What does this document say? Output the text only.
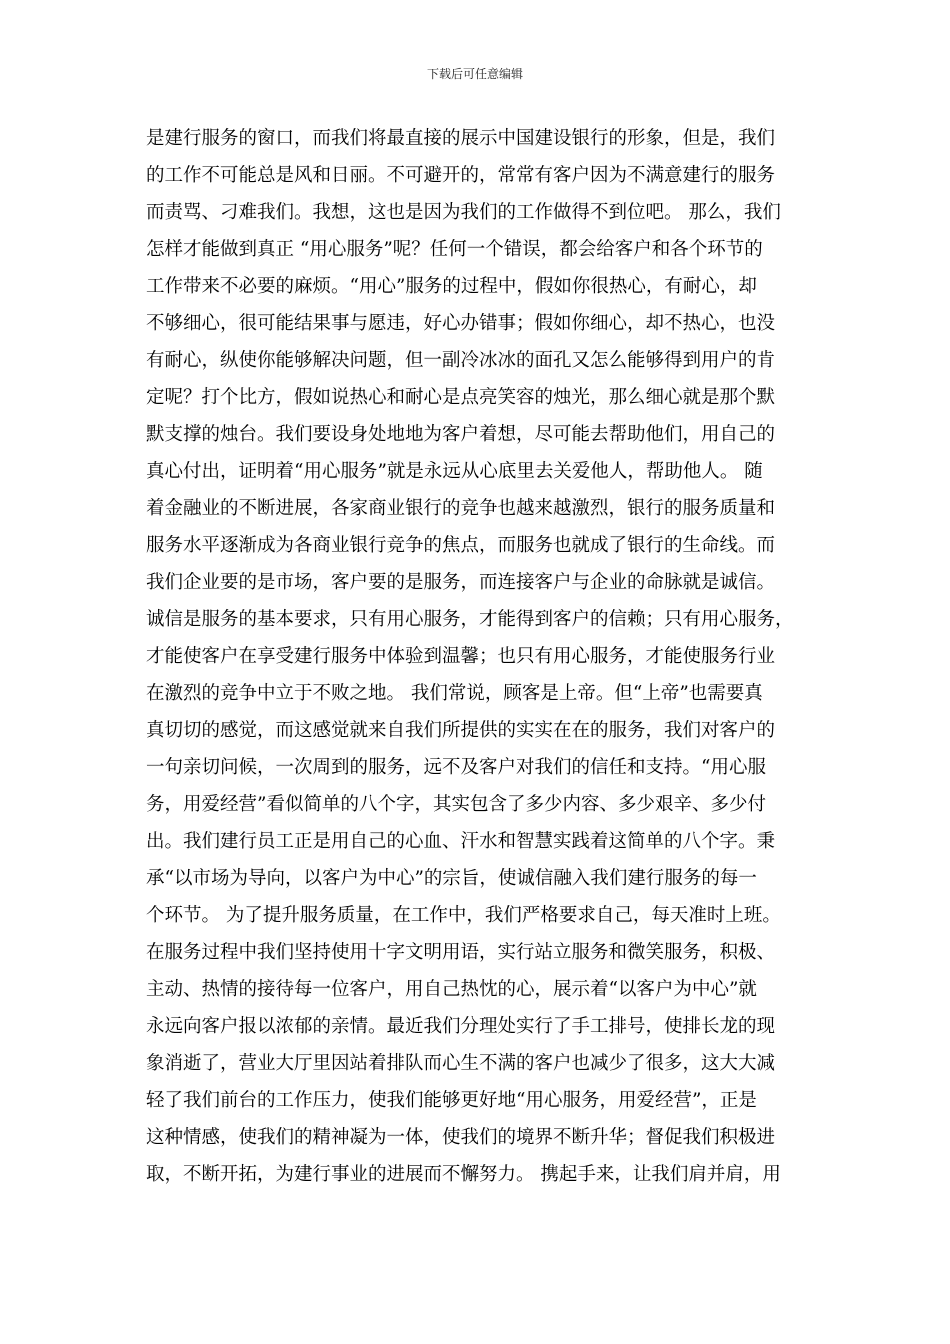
下载后可任意编辑
是建行服务的窗口，而我们将最直接的展示中国建设银行的形象，但是，我们
的工作不可能总是风和日丽。不可避开的，常常有客户因为不满意建行的服务
而责骂、刁难我们。我想，这也是因为我们的工作做得不到位吧。 那么，我们
怎样才能做到真正 “用心服务”呢？任何一个错误，都会给客户和各个环节的
工作带来不必要的麻烦。“用心”服务的过程中，假如你很热心，有耐心，却
不够细心，很可能结果事与愿违，好心办错事；假如你细心，却不热心，也没
有耐心，纵使你能够解决问题，但一副冷冰冰的面孔又怎么能够得到用户的肯
定呢？打个比方，假如说热心和耐心是点亮笑容的烛光，那么细心就是那个默
默支撑的烛台。我们要设身处地地为客户着想，尽可能去帮助他们，用自己的
真心付出，证明着“用心服务”就是永远从心底里去关爱他人，帮助他人。 随
着金融业的不断进展，各家商业银行的竞争也越来越激烈，银行的服务质量和
服务水平逐渐成为各商业银行竞争的焦点，而服务也就成了银行的生命线。而
我们企业要的是市场，客户要的是服务，而连接客户与企业的命脉就是诚信。
诚信是服务的基本要求，只有用心服务，才能得到客户的信赖；只有用心服务，
才能使客户在享受建行服务中体验到温馨；也只有用心服务，才能使服务行业
在激烈的竞争中立于不败之地。 我们常说，顾客是上帝。但“上帝”也需要真
真切切的感觉，而这感觉就来自我们所提供的实实在在的服务，我们对客户的
一句亲切问候，一次周到的服务，远不及客户对我们的信任和支持。“用心服
务，用爱经营”看似简单的八个字，其实包含了多少内容、多少艰辛、多少付
出。我们建行员工正是用自己的心血、汗水和智慧实践着这简单的八个字。秉
承“以市场为导向，以客户为中心”的宗旨，使诚信融入我们建行服务的每一
个环节。 为了提升服务质量，在工作中，我们严格要求自己，每天准时上班。
在服务过程中我们坚持使用十字文明用语，实行站立服务和微笑服务，积极、
主动、热情的接待每一位客户，用自己热忱的心，展示着“以客户为中心”就
永远向客户报以浓郁的亲情。最近我们分理处实行了手工排号，使排长龙的现
象消逝了，营业大厅里因站着排队而心生不满的客户也减少了很多，这大大减
轻了我们前台的工作压力，使我们能够更好地“用心服务，用爱经营”，正是
这种情感，使我们的精神凝为一体，使我们的境界不断升华；督促我们积极进
取，不断开拓，为建行事业的进展而不懈努力。 携起手来，让我们肩并肩，用
